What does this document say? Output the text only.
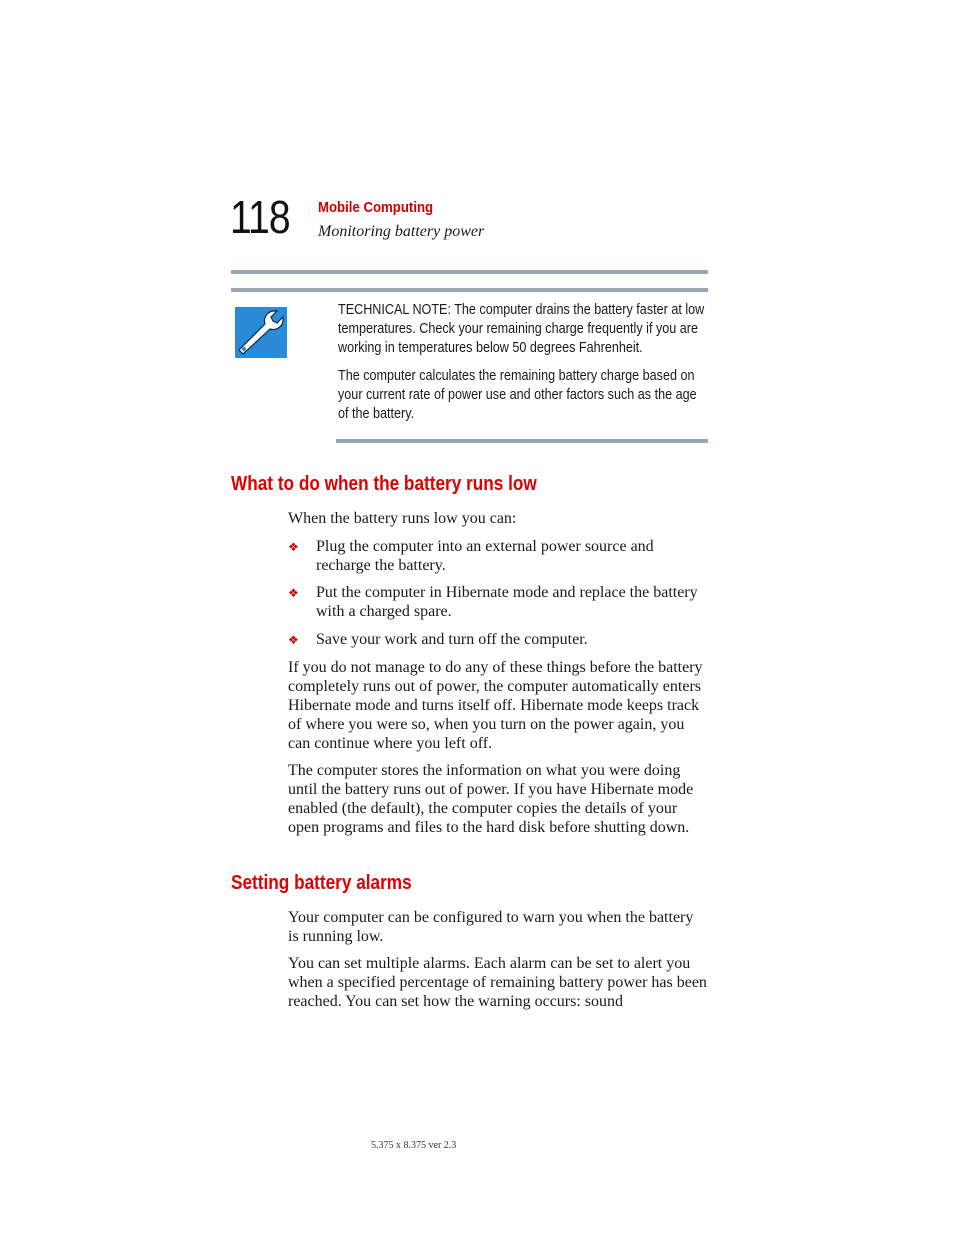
118 Mobile Computing
Monitoring battery power
TECHNICAL NOTE: The computer drains the battery faster at low temperatures. Check your remaining charge frequently if you are working in temperatures below 50 degrees Fahrenheit.
The computer calculates the remaining battery charge based on your current rate of power use and other factors such as the age of the battery.
What to do when the battery runs low
When the battery runs low you can:
❖ Plug the computer into an external power source and recharge the battery.
❖ Put the computer in Hibernate mode and replace the battery with a charged spare.
❖ Save your work and turn off the computer.
If you do not manage to do any of these things before the battery completely runs out of power, the computer automatically enters Hibernate mode and turns itself off. Hibernate mode keeps track of where you were so, when you turn on the power again, you can continue where you left off.
The computer stores the information on what you were doing until the battery runs out of power. If you have Hibernate mode enabled (the default), the computer copies the details of your open programs and files to the hard disk before shutting down.
Setting battery alarms
Your computer can be configured to warn you when the battery is running low.
You can set multiple alarms. Each alarm can be set to alert you when a specified percentage of remaining battery power has been reached. You can set how the warning occurs: sound
5.375 x 8.375 ver 2.3
